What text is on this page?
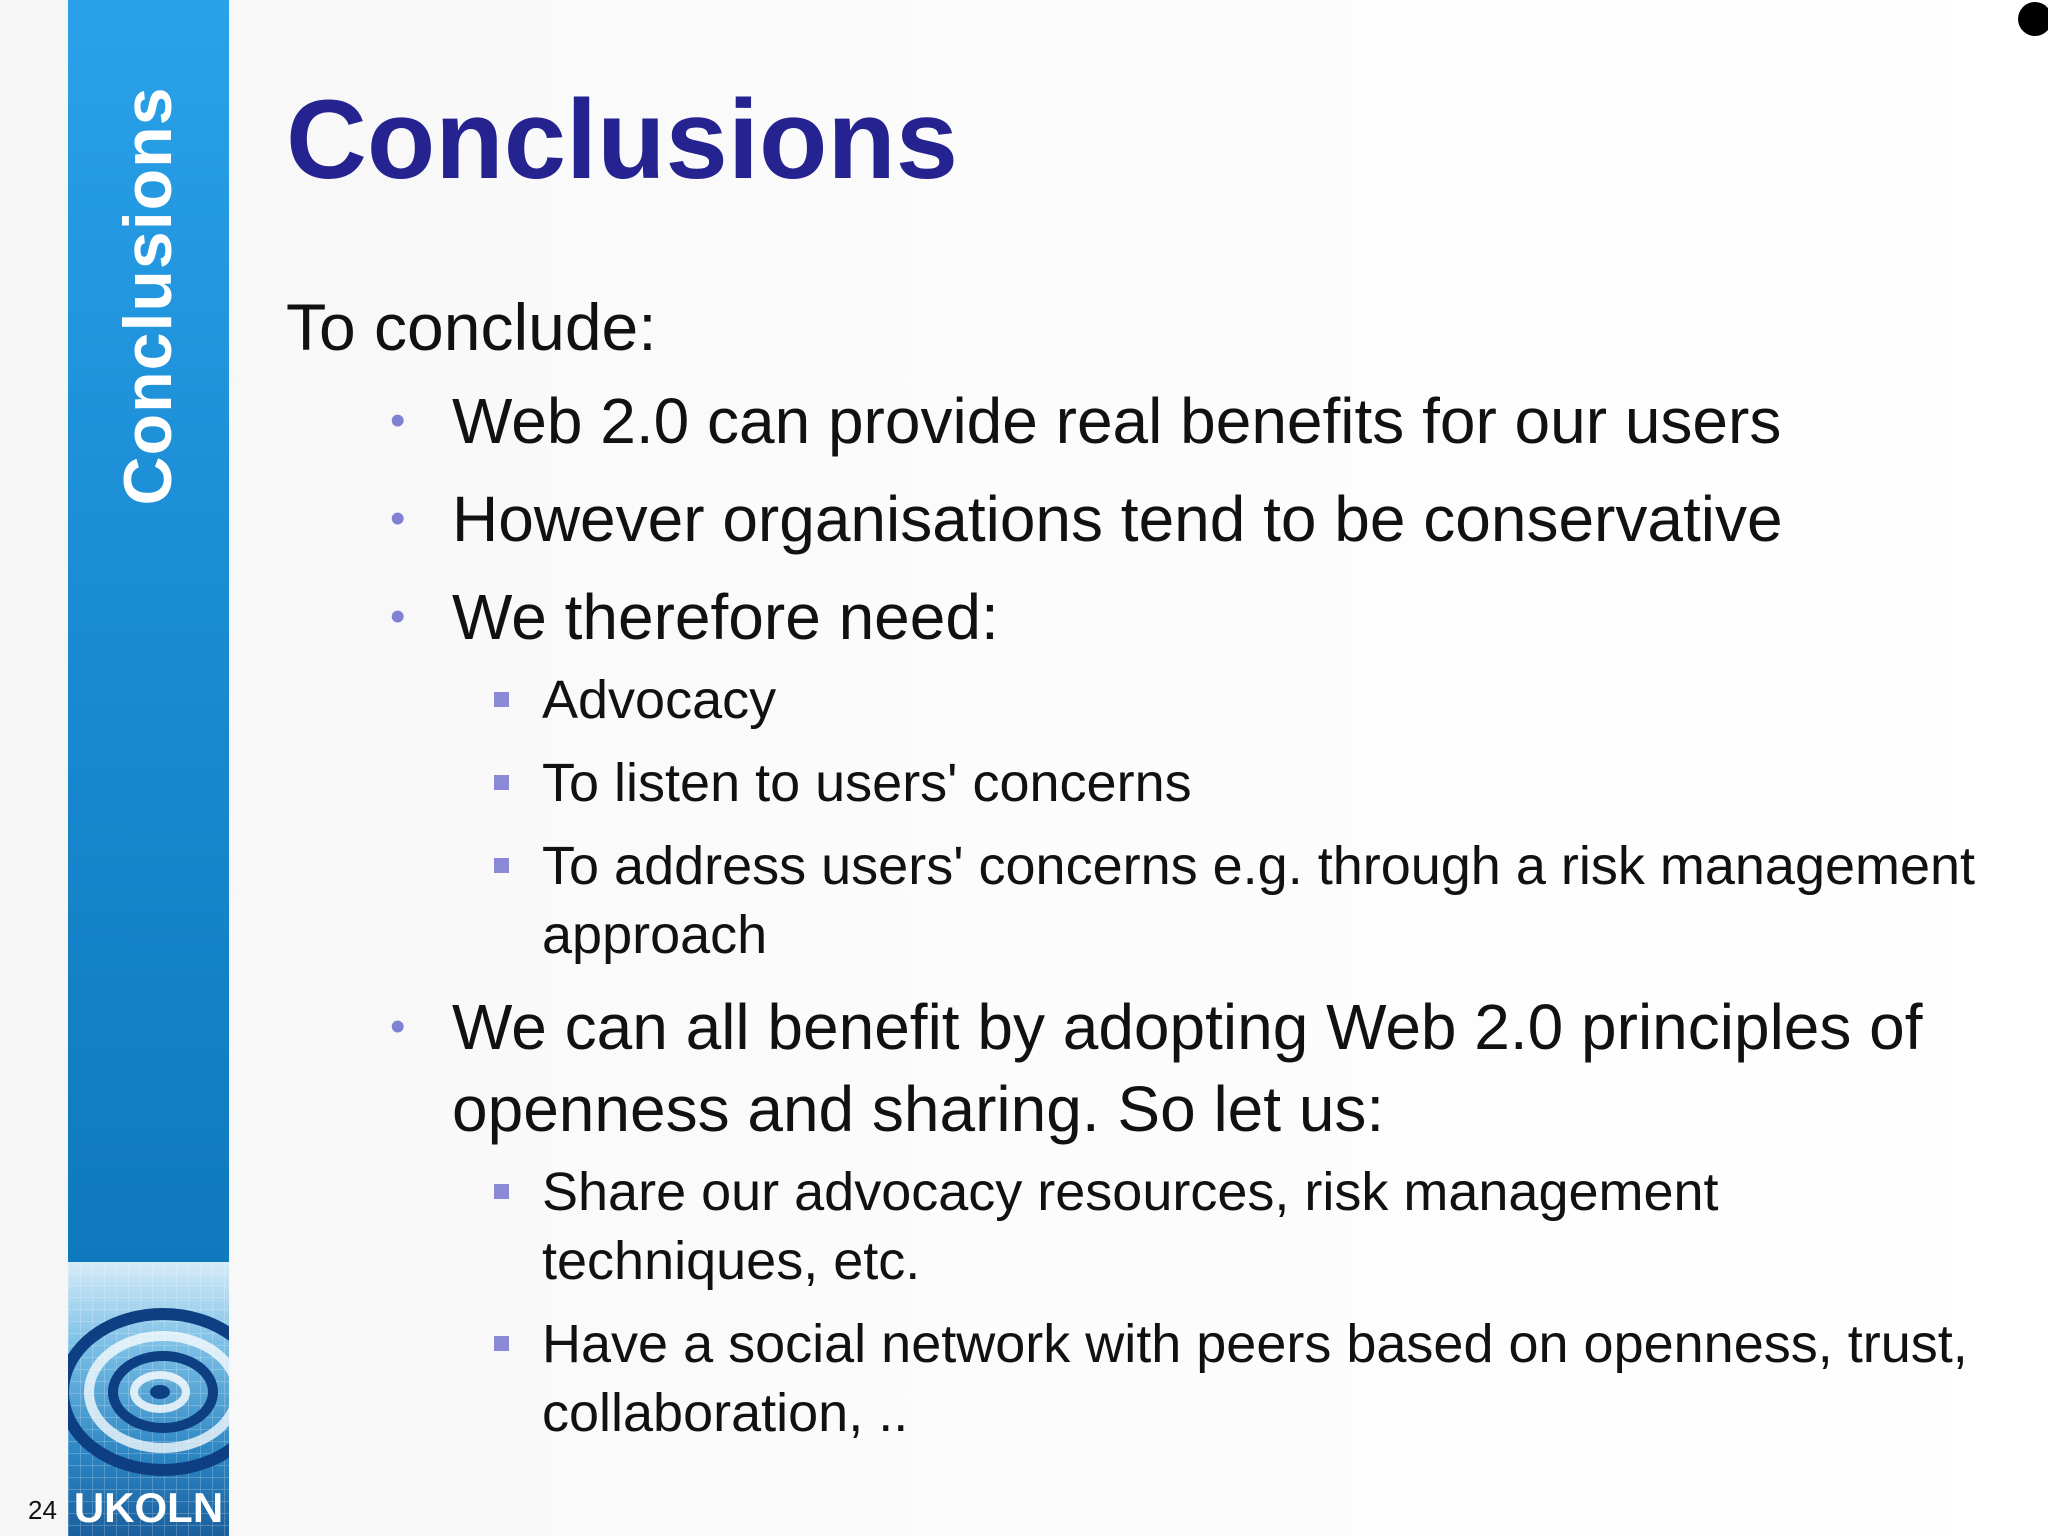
Conclusions
UKOLN
24
Conclusions

To conclude:

• Web 2.0 can provide real benefits for our users
• However organisations tend to be conservative
• We therefore need:
Advocacy
To listen to users' concerns
To address users' concerns e.g. through a risk management approach
• We can all benefit by adopting Web 2.0 principles of openness and sharing. So let us:
Share our advocacy resources, risk management techniques, etc.
Have a social network with peers based on openness, trust, collaboration, ..
